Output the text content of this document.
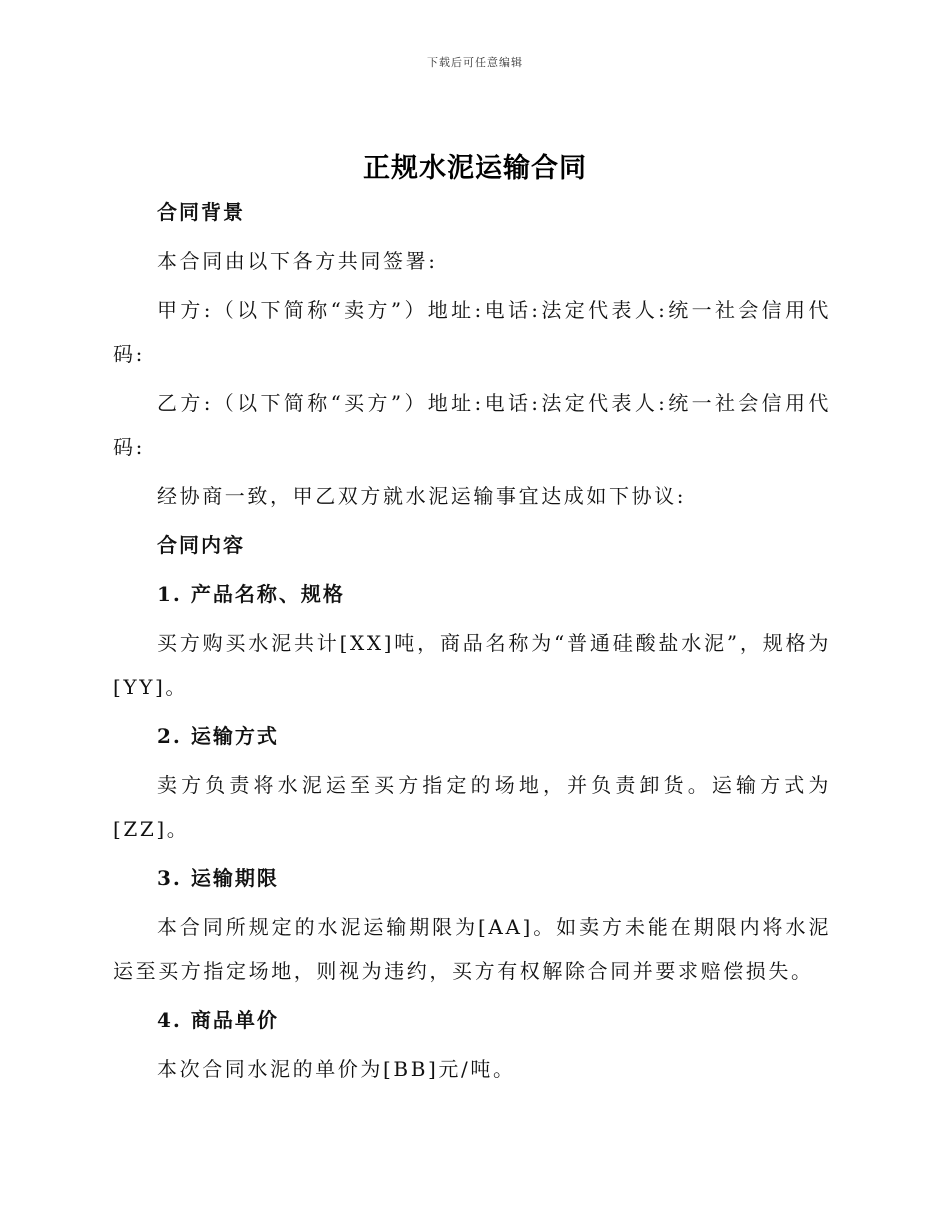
下载后可任意编辑
正规水泥运输合同

合同背景

本合同由以下各方共同签署:

甲方:（以下简称“卖方”）地址:电话:法定代表人:统一社会信用代码:

乙方:（以下简称“买方”）地址:电话:法定代表人:统一社会信用代码:

经协商一致，甲乙双方就水泥运输事宜达成如下协议:

合同内容

1. 产品名称、规格

买方购买水泥共计[XX]吨，商品名称为“普通硅酸盐水泥”，规格为[YY]。

2. 运输方式

卖方负责将水泥运至买方指定的场地，并负责卸货。运输方式为[ZZ]。

3. 运输期限

本合同所规定的水泥运输期限为[AA]。如卖方未能在期限内将水泥运至买方指定场地，则视为违约，买方有权解除合同并要求赔偿损失。

4. 商品单价

本次合同水泥的单价为[BB]元/吨。
